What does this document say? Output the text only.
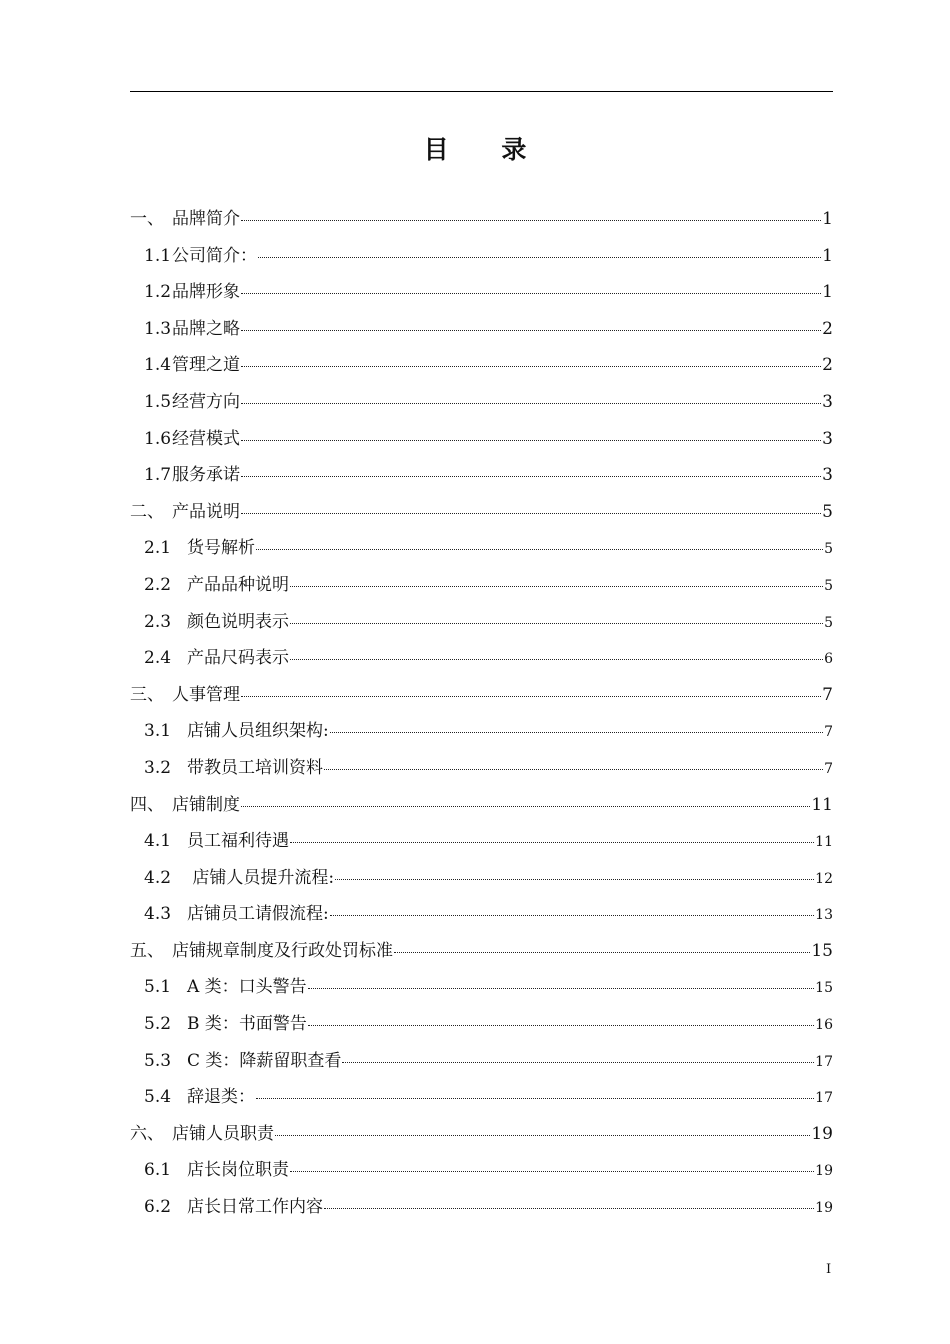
目 录
一、 品牌简介	1
1.1 公司简介：	1
1.2 品牌形象	1
1.3 品牌之略	2
1.4 管理之道	2
1.5 经营方向	3
1.6 经营模式	3
1.7 服务承诺	3
二、 产品说明	5
2.1 货号解析	5
2.2 产品品种说明	5
2.3 颜色说明表示	5
2.4 产品尺码表示	6
三、 人事管理	7
3.1 店铺人员组织架构:	7
3.2 带教员工培训资料	7
四、 店铺制度	11
4.1 员工福利待遇	11
4.2 店铺人员提升流程:	12
4.3 店铺员工请假流程:	13
五、 店铺规章制度及行政处罚标准	15
5.1 A 类：口头警告	15
5.2 B 类：书面警告	16
5.3 C 类：降薪留职查看	17
5.4 辞退类：	17
六、 店铺人员职责	19
6.1 店长岗位职责	19
6.2 店长日常工作内容	19
I
